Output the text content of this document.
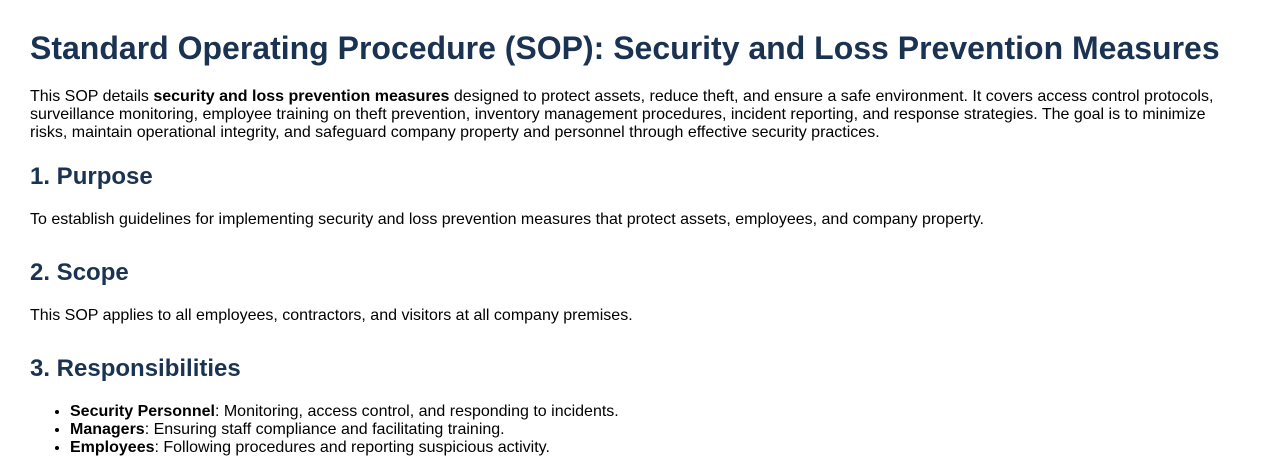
Standard Operating Procedure (SOP): Security and Loss Prevention Measures

This SOP details security and loss prevention measures designed to protect assets, reduce theft, and ensure a safe environment. It covers access control protocols, surveillance monitoring, employee training on theft prevention, inventory management procedures, incident reporting, and response strategies. The goal is to minimize risks, maintain operational integrity, and safeguard company property and personnel through effective security practices.

1. Purpose

To establish guidelines for implementing security and loss prevention measures that protect assets, employees, and company property.

2. Scope

This SOP applies to all employees, contractors, and visitors at all company premises.

3. Responsibilities
• Security Personnel: Monitoring, access control, and responding to incidents.
• Managers: Ensuring staff compliance and facilitating training.
• Employees: Following procedures and reporting suspicious activity.
